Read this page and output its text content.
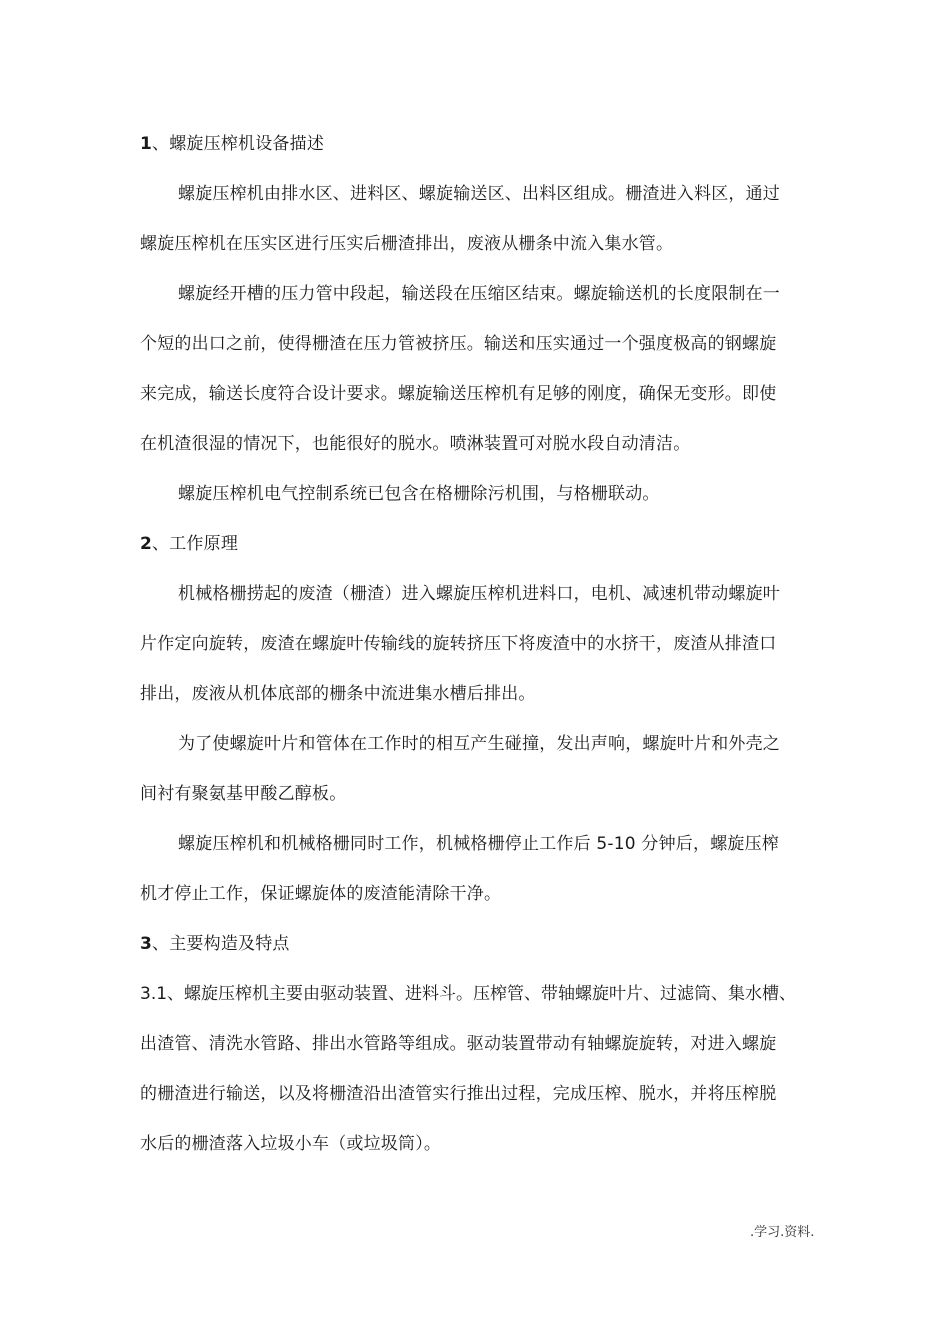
1、螺旋压榨机设备描述
螺旋压榨机由排水区、进料区、螺旋输送区、出料区组成。栅渣进入料区，通过
螺旋压榨机在压实区进行压实后栅渣排出，废液从栅条中流入集水管。
螺旋经开槽的压力管中段起，输送段在压缩区结束。螺旋输送机的长度限制在一
个短的出口之前，使得栅渣在压力管被挤压。输送和压实通过一个强度极高的钢螺旋
来完成，输送长度符合设计要求。螺旋输送压榨机有足够的刚度，确保无变形。即使
在机渣很湿的情况下，也能很好的脱水。喷淋装置可对脱水段自动清洁。
螺旋压榨机电气控制系统已包含在格栅除污机围，与格栅联动。
2、工作原理
机械格栅捞起的废渣（栅渣）进入螺旋压榨机进料口，电机、减速机带动螺旋叶
片作定向旋转，废渣在螺旋叶传输线的旋转挤压下将废渣中的水挤干，废渣从排渣口
排出，废液从机体底部的栅条中流进集水槽后排出。
为了使螺旋叶片和管体在工作时的相互产生碰撞，发出声响，螺旋叶片和外壳之
间衬有聚氨基甲酸乙醇板。
螺旋压榨机和机械格栅同时工作，机械格栅停止工作后 5-10 分钟后，螺旋压榨
机才停止工作，保证螺旋体的废渣能清除干净。
3、主要构造及特点
3.1、螺旋压榨机主要由驱动装置、进料斗。压榨管、带轴螺旋叶片、过滤筒、集水槽、
出渣管、清洗水管路、排出水管路等组成。驱动装置带动有轴螺旋旋转，对进入螺旋
的栅渣进行输送，以及将栅渣沿出渣管实行推出过程，完成压榨、脱水，并将压榨脱
水后的栅渣落入垃圾小车（或垃圾筒）。
.学习.资料.
